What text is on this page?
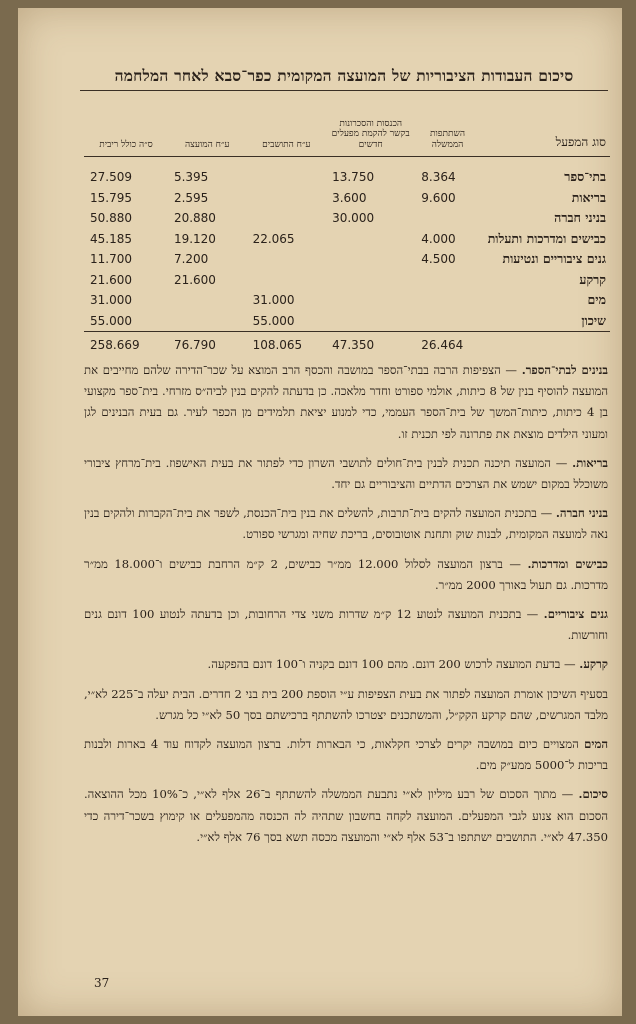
סיכום העבודות הציבוריות של המועצה המקומית כפר־סבא לאחר המלחמה
סוג המפעל	השתתפות הממשלה	הכנסות והסכרונות בקשר להקמת מפעלים חדשים	ע״ח התושבים	ע״ח המועצה	ס״ה כולל ריבית
בתי־ספר	8.364	13.750		5.395	27.509
בריאות	9.600	3.600		2.595	15.795
בניני חברה		30.000		20.880	50.880
כבישים ומדרכות ותעלות	4.000		22.065	19.120	45.185
גנים ציבוריים ונטיעות	4.500			7.200	11.700
קרקע				21.600	21.600
מים			31.000		31.000
שיכון			55.000		55.000
	26.464	47.350	108.065	76.790	258.669

בנינים לבתי־הספר. — הצפיפות הרבה בבתי־הספר במושבה והכסף הרב המוצא על שכר־הדירה שלהם מחייבים את המועצה להוסיף בנין של 8 כיתות, אולמי ספורט וחדר מלאכה. כן בדעתה להקים בנין לביה״ס מזרחי. בית־ספר מקצועי בן 4 כיתות, כיתות־המשך של בית־הספר העממי, כדי למנוע יציאת תלמידים מן הכפר לעיר. גם בעית הבנינים לגן ומעוני הילדים מוצאת את פתרונה לפי תכנית זו.

בריאות. — המועצה תיכנה תכנית לבנין בית־חולים לתושבי השרון כדי לפתור את בעית האישפוז. בית־מרחץ ציבורי משוכלל במקום ישמש את הצרכים הדתיים והציבוריים גם יחד.

בניני חברה. — בתכנית המועצה להקים בית־תרבות, להשלים את בנין בית־הכנסת, לשפר את בית־הקברות ולהקים בנין נאה למועצה המקומית, לבנות שוק ותחנת אוטובוסים, בריכת שחיה ומגרשי ספורט.

כבישים ומדרכות. — ברצון המועצה לסלול 12.000 ממ״ר כבישים, 2 ק״מ הרחבת כבישים ו־18.000 ממ״ר מדרכות. גם תעול באורך 2000 ממ״ר.

גנים ציבוריים. — בתכנית המועצה לנטוע 12 ק״מ שדרות משני צדי הרחובות, וכן בדעתה לנטוע 100 דונם גנים וחורשות.

קרקע. — בדעת המועצה לרכוש 200 דונם. מהם 100 דונם בקניה ו־100 דונם בהפקעה.

בסעיף השיכון אומרת המועצה לפתור את בעית הצפיפות ע״י הוספת 200 בית בני 2 חדרים. הבית יעלה ב־225 לא״י, מלבד המגרשים, שהם קרקע הקק״ל, והמשתכנים יצטרכו להשתתף ברכישתם בסך 50 לא״י כל מגרש.

המים המצויים כיום במושבה יקרים לצרכי חקלאות, כי הבארות דלות. ברצון המועצה לקדוח עוד 4 בארות ולבנות בריכות ל־5000 ממע״ק מים.

סיכום. — מתוך הסכום של רבע מיליון לא״י נתבעת הממשלה להשתתף ב־26 אלף לא״י, כ־10% מכל ההוצאה. הסכום הוא צנוע לגבי המפעלים. המועצה לקחה בחשבון שתהיה לה הכנסה מהמפעלים או קימוץ בשכר־דירה כדי 47.350 לא״י. התושבים ישתתפו ב־53 אלף לא״י והמועצה מכסה תשא בסך 76 אלף לא״י.

37
